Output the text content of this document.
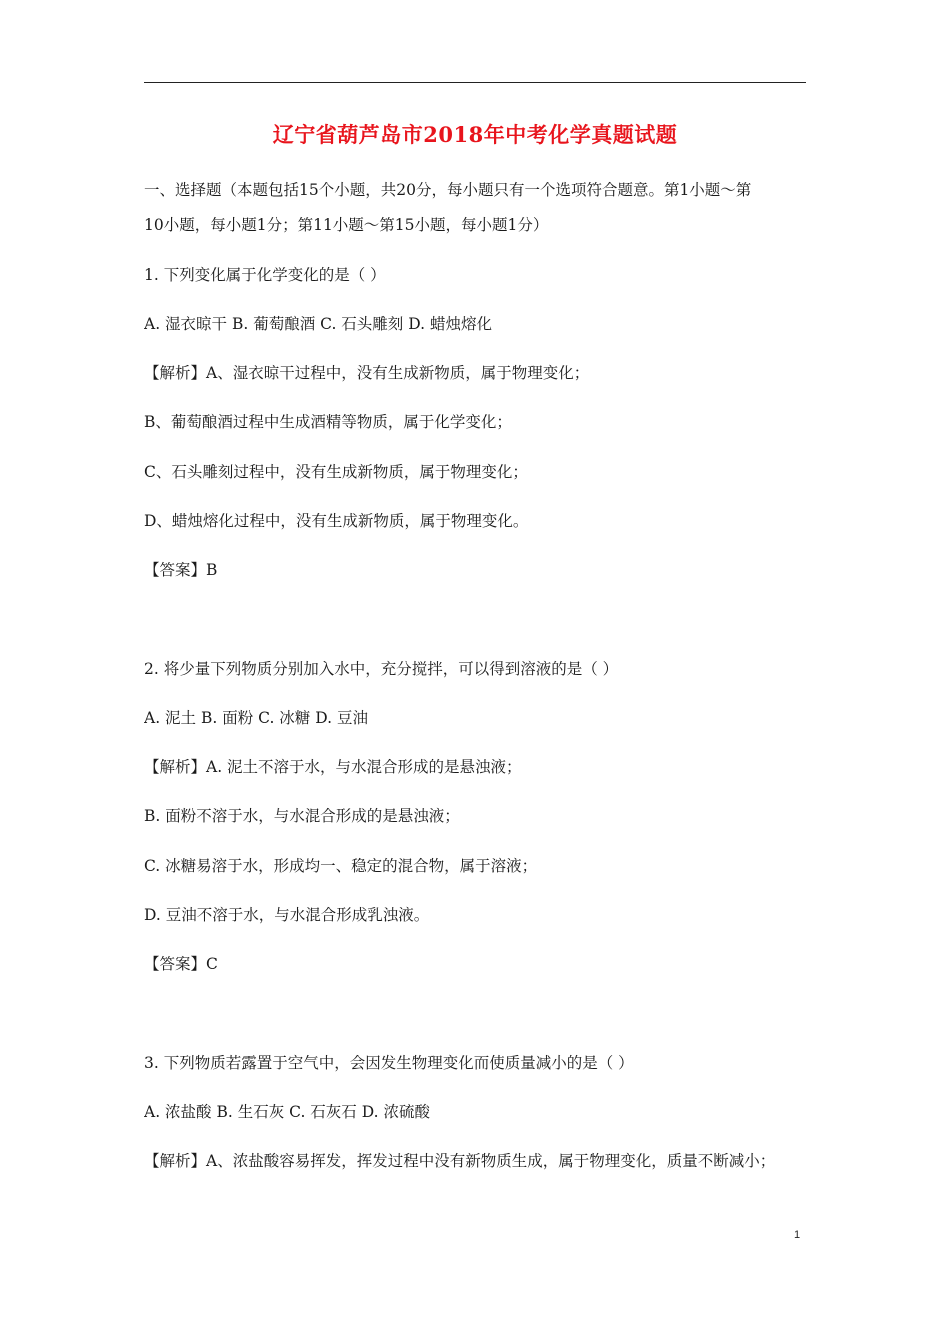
辽宁省葫芦岛市2018年中考化学真题试题
一、选择题（本题包括15个小题，共20分，每小题只有一个选项符合题意。第1小题～第
10小题，每小题1分；第11小题～第15小题，每小题1分）
1. 下列变化属于化学变化的是（ ）
A. 湿衣晾干 B. 葡萄酿酒 C. 石头雕刻 D. 蜡烛熔化
【解析】A、湿衣晾干过程中，没有生成新物质，属于物理变化；
B、葡萄酿酒过程中生成酒精等物质，属于化学变化；
C、石头雕刻过程中，没有生成新物质，属于物理变化；
D、蜡烛熔化过程中，没有生成新物质，属于物理变化。
【答案】B
2. 将少量下列物质分别加入水中，充分搅拌，可以得到溶液的是（ ）
A. 泥土 B. 面粉 C. 冰糖 D. 豆油
【解析】A. 泥土不溶于水，与水混合形成的是悬浊液；
B. 面粉不溶于水，与水混合形成的是悬浊液；
C. 冰糖易溶于水，形成均一、稳定的混合物，属于溶液；
D. 豆油不溶于水，与水混合形成乳浊液。
【答案】C
3. 下列物质若露置于空气中，会因发生物理变化而使质量减小的是（ ）
A. 浓盐酸 B. 生石灰 C. 石灰石 D. 浓硫酸
【解析】A、浓盐酸容易挥发，挥发过程中没有新物质生成，属于物理变化，质量不断减小；
1
